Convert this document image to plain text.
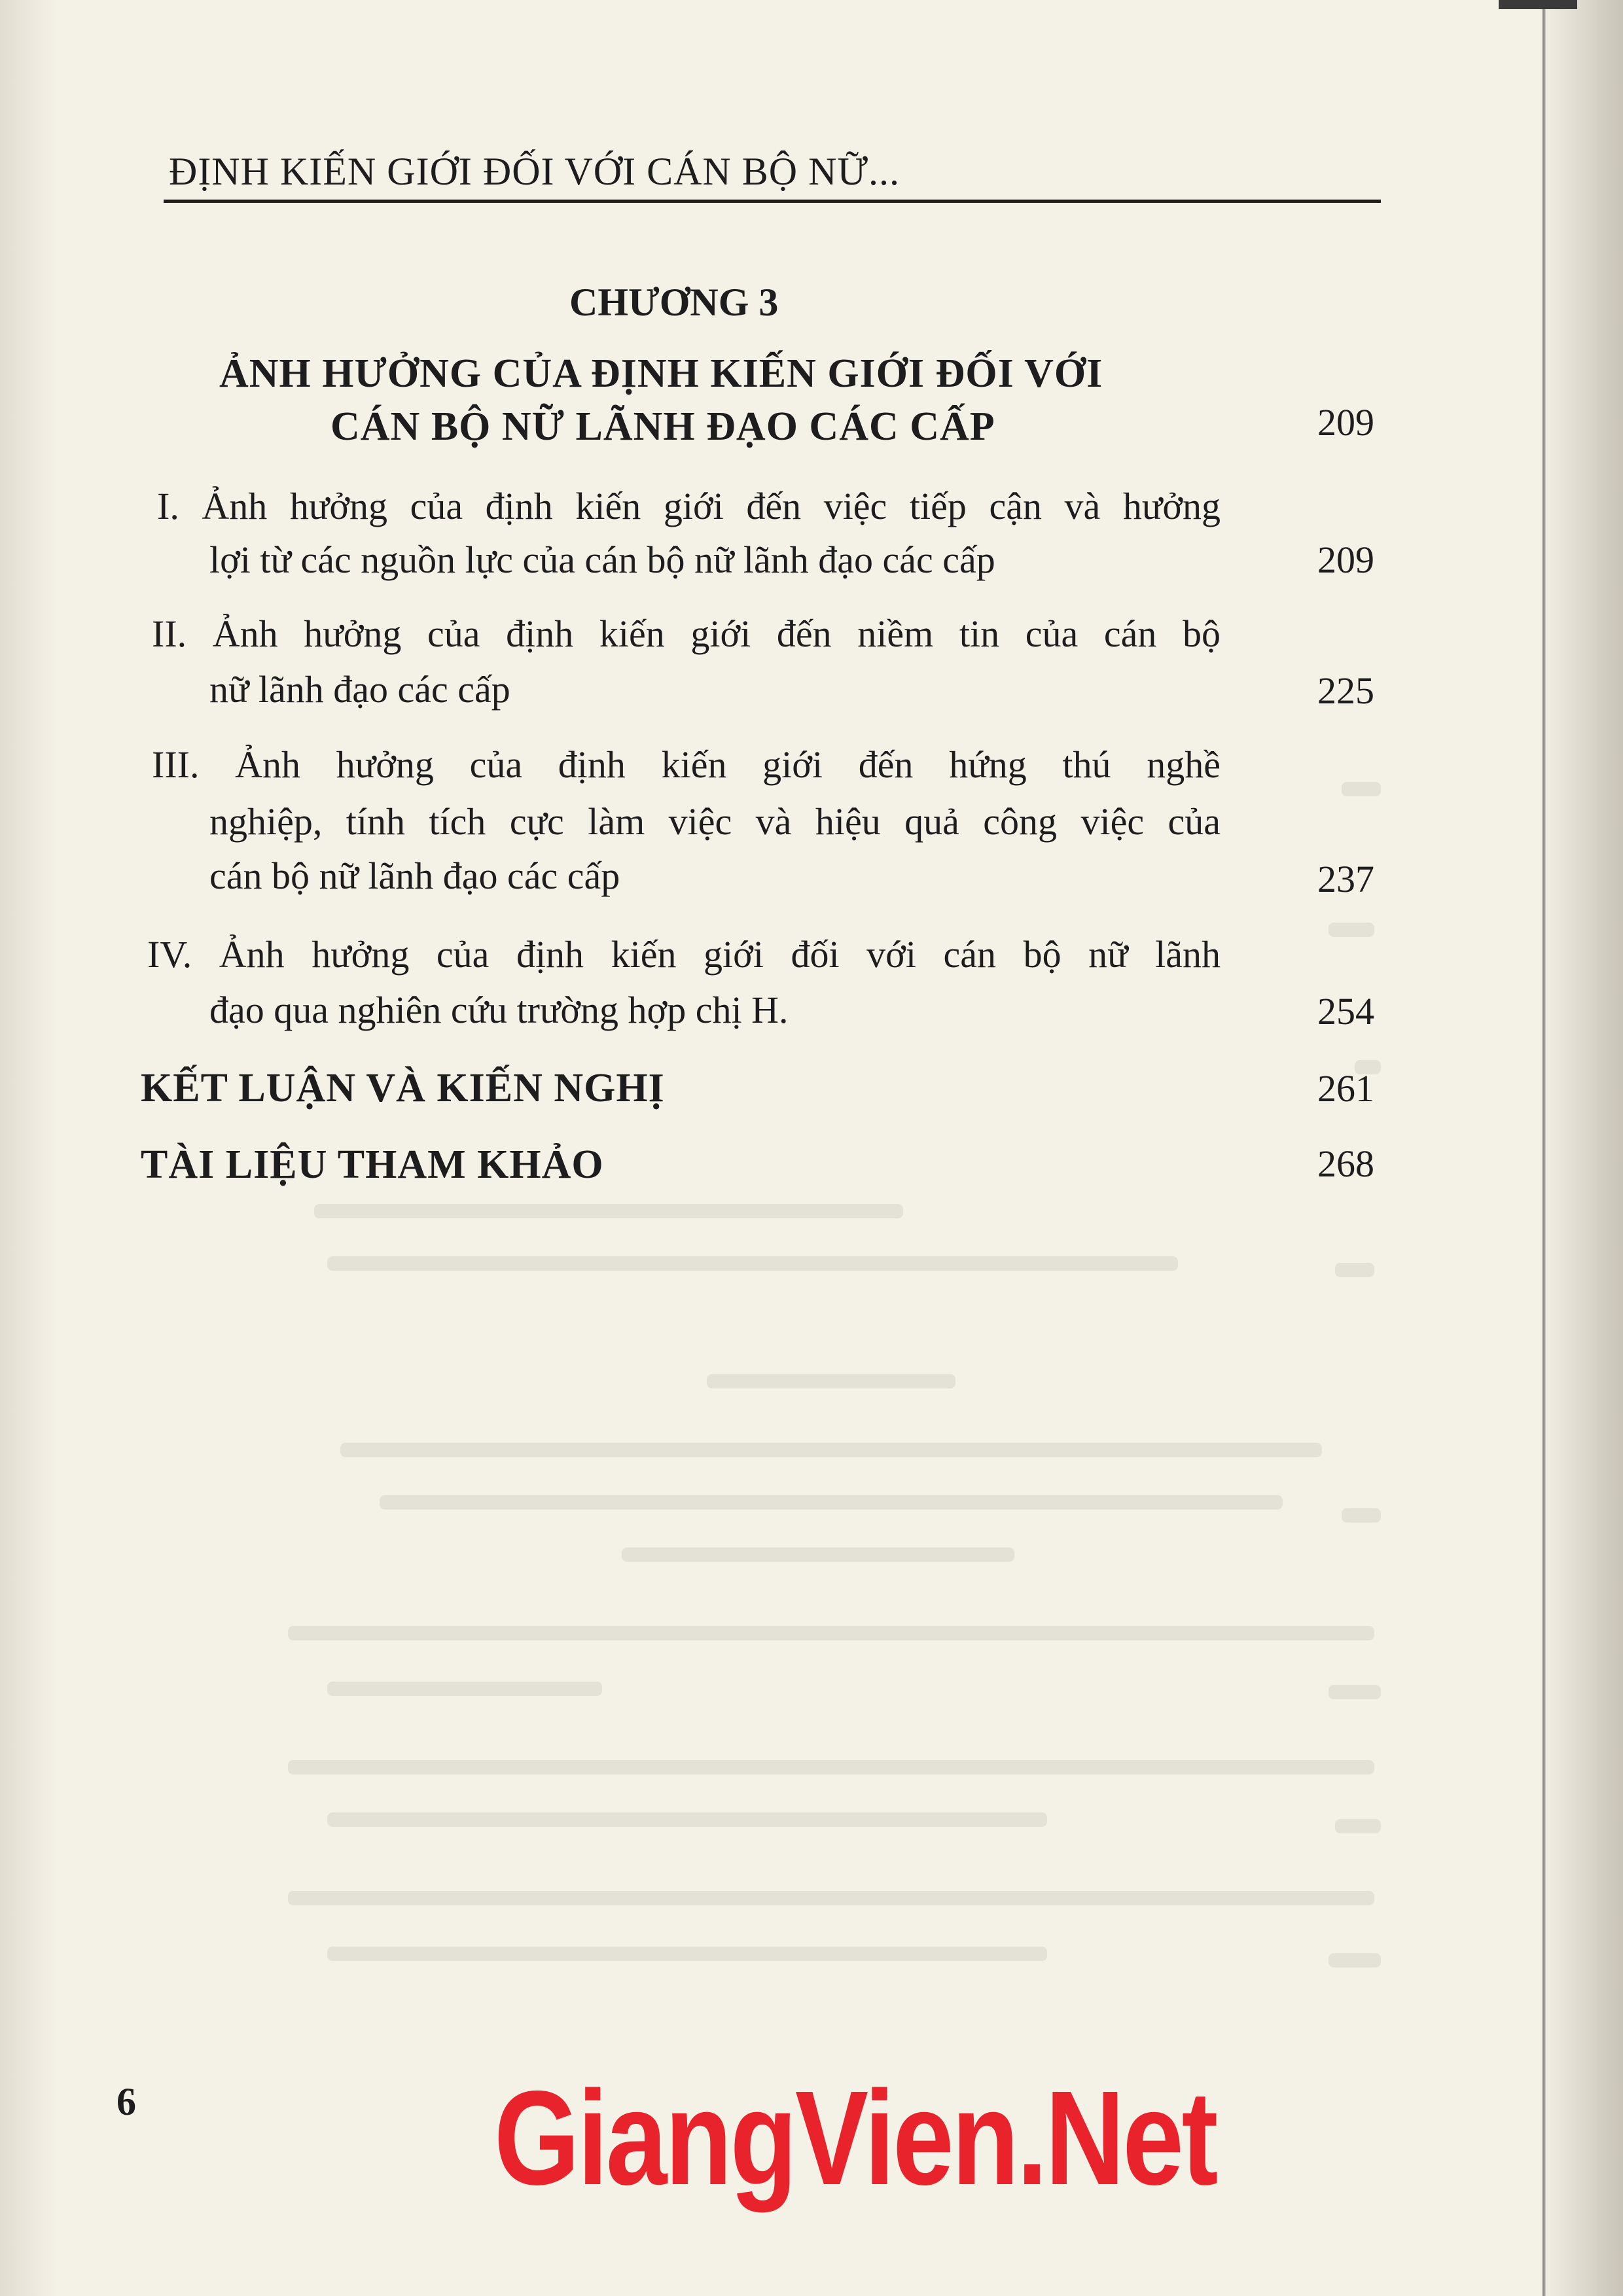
ĐỊNH KIẾN GIỚI ĐỐI VỚI CÁN BỘ NỮ...
CHƯƠNG 3
ẢNH HƯỞNG CỦA ĐỊNH KIẾN GIỚI ĐỐI VỚI
CÁN BỘ NỮ LÃNH ĐẠO CÁC CẤP	209
I. Ảnh hưởng của định kiến giới đến việc tiếp cận và hưởng
lợi từ các nguồn lực của cán bộ nữ lãnh đạo các cấp	209
II. Ảnh hưởng của định kiến giới đến niềm tin của cán bộ
nữ lãnh đạo các cấp	225
III. Ảnh hưởng của định kiến giới đến hứng thú nghề
nghiệp, tính tích cực làm việc và hiệu quả công việc của
cán bộ nữ lãnh đạo các cấp	237
IV. Ảnh hưởng của định kiến giới đối với cán bộ nữ lãnh
đạo qua nghiên cứu trường hợp chị H.	254
KẾT LUẬN VÀ KIẾN NGHỊ	261
TÀI LIỆU THAM KHẢO	268
6	GiangVien.Net
